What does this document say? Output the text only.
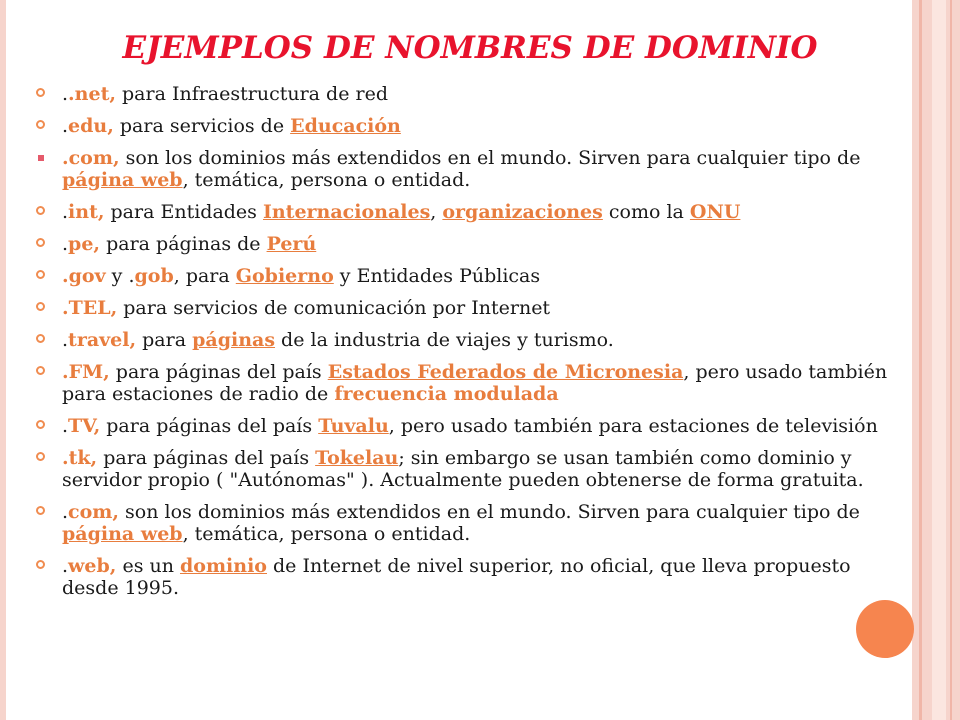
EJEMPLOS DE NOMBRES DE DOMINIO
..net, para Infraestructura de red
.edu, para servicios de Educación
.com, son los dominios más extendidos en el mundo. Sirven para cualquier tipo de página web, temática, persona o entidad.
.int, para Entidades Internacionales, organizaciones como la ONU
.pe, para páginas de Perú
.gov y .gob, para Gobierno y Entidades Públicas
.TEL, para servicios de comunicación por Internet
.travel, para páginas de la industria de viajes y turismo.
.FM, para páginas del país Estados Federados de Micronesia, pero usado también para estaciones de radio de frecuencia modulada
.TV, para páginas del país Tuvalu, pero usado también para estaciones de televisión
.tk, para páginas del país Tokelau; sin embargo se usan también como dominio y servidor propio ( "Autónomas" ). Actualmente pueden obtenerse de forma gratuita.
.com, son los dominios más extendidos en el mundo. Sirven para cualquier tipo de página web, temática, persona o entidad.
.web, es un dominio de Internet de nivel superior, no oficial, que lleva propuesto desde 1995.
